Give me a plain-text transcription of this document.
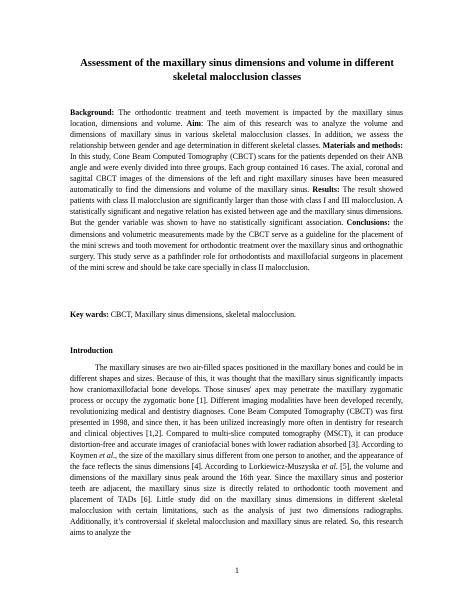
Assessment of the maxillary sinus dimensions and volume in different skeletal malocclusion classes

Background: The orthodontic treatment and teeth movement is impacted by the maxillary sinus location, dimensions and volume. Aim: The aim of this research was to analyze the volume and dimensions of maxillary sinus in various skeletal malocclusion classes. In addition, we assess the relationship between gender and age determination in different skeletal classes. Materials and methods: In this study, Cone Beam Computed Tomography (CBCT) scans for the patients depended on their ANB angle and were evenly divided into three groups. Each group contained 16 cases. The axial, coronal and sagittal CBCT images of the dimensions of the left and right maxillary sinuses have been measured automatically to find the dimensions and volume of the maxillary sinus. Results: The result showed patients with class II malocclusion are significantly larger than those with class I and III malocclusion. A statistically significant and negative relation has existed between age and the maxillary sinus dimensions. But the gender variable was shown to have no statistically significant association. Conclusions: the dimensions and volumetric measurements made by the CBCT serve as a guideline for the placement of the mini screws and tooth movement for orthodontic treatment over the maxillary sinus and orthognathic surgery. This study serve as a pathfinder role for orthodontists and maxillofacial surgeons in placement of the mini screw and should be take care specially in class II malocclusion.

Key wards: CBCT, Maxillary sinus dimensions, skeletal malocclusion.

Introduction

The maxillary sinuses are two air-filled spaces positioned in the maxillary bones and could be in different shapes and sizes. Because of this, it was thought that the maxillary sinus significantly impacts how craniomaxillofacial bone develops. Those sinuses' apex may penetrate the maxillary zygomatic process or occupy the zygomatic bone [1]. Different imaging modalities have been developed recently, revolutionizing medical and dentistry diagnoses. Cone Beam Computed Tomography (CBCT) was first presented in 1998, and since then, it has been utilized increasingly more often in dentistry for research and clinical objectives [1,2]. Compared to multi-slice computed tomography (MSCT), it can produce distortion-free and accurate images of craniofacial bones with lower radiation absorbed [3]. According to Koymen et al., the size of the maxillary sinus different from one person to another, and the appearance of the face reflects the sinus dimensions [4]. According to Lorkiewicz-Muszyska et al. [5], the volume and dimensions of the maxillary sinus peak around the 16th year. Since the maxillary sinus and posterior teeth are adjacent, the maxillary sinus size is directly related to orthodontic tooth movement and placement of TADs [6]. Little study did on the maxillary sinus dimensions in different skeletal malocclusion with certain limitations, such as the analysis of just two dimensions radiographs. Additionally, it’s controversial if skeletal malocclusion and maxillary sinus are related. So, this research aims to analyze the

1
